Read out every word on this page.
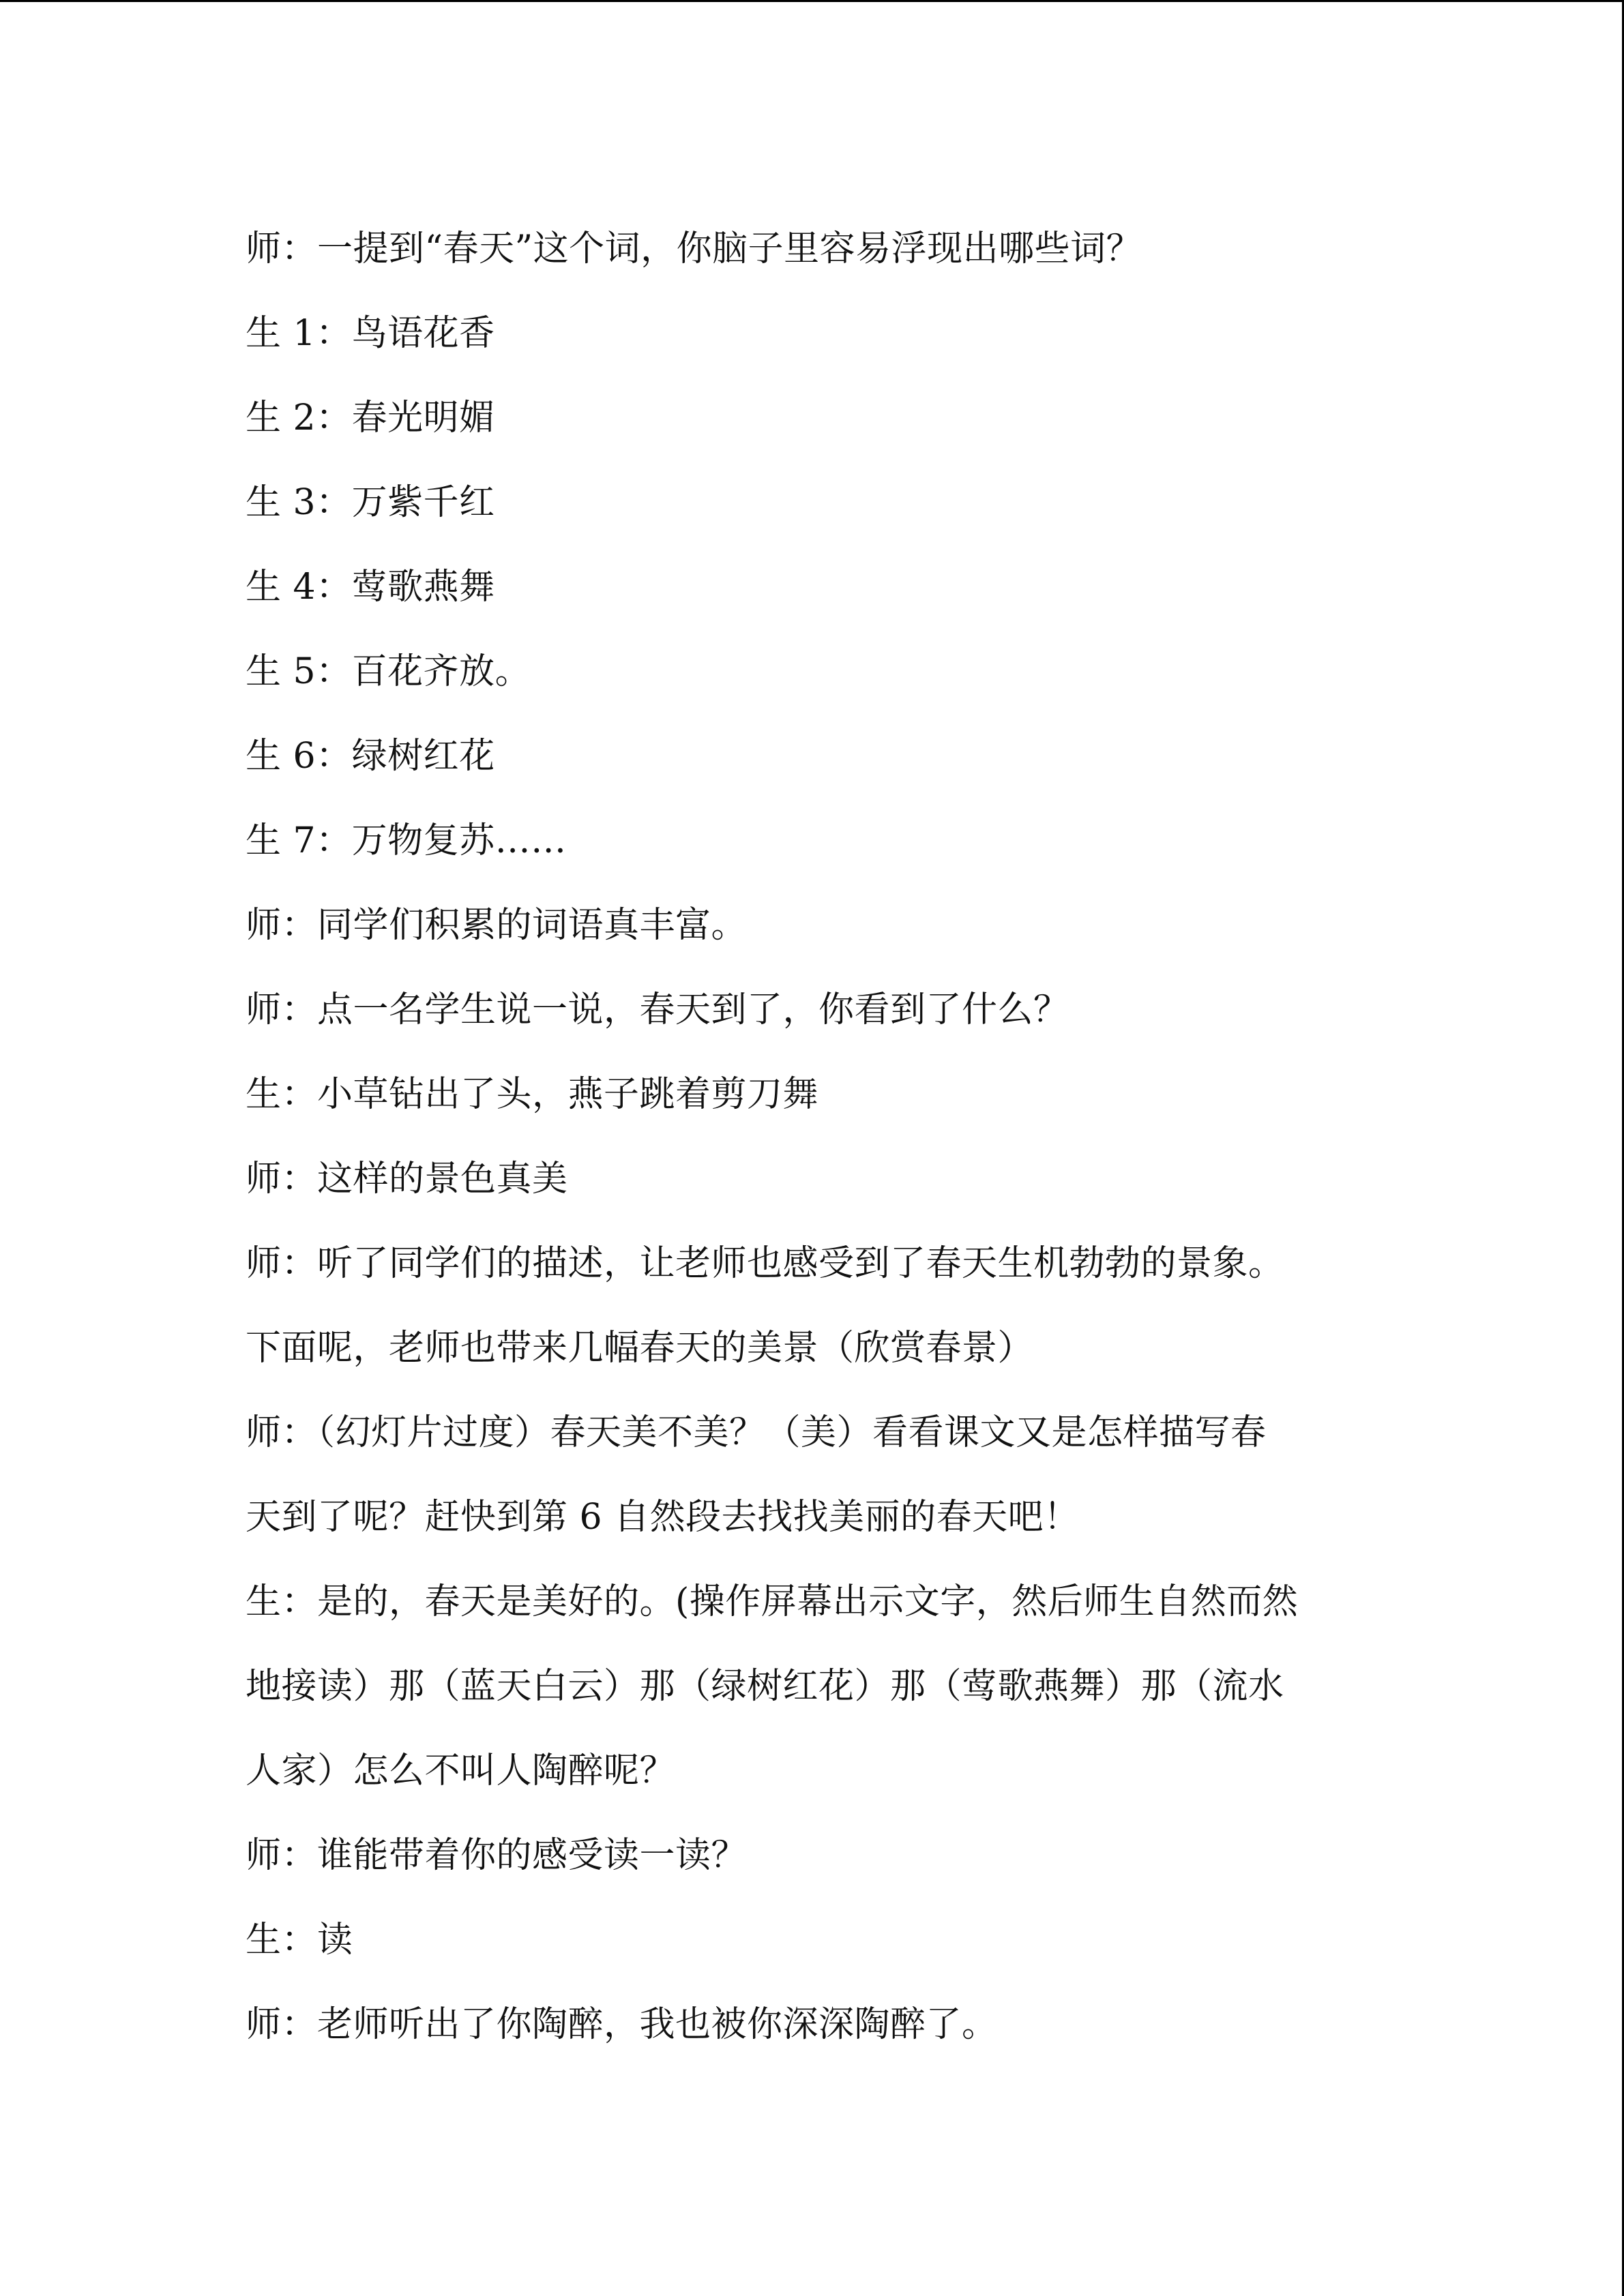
师：一提到“春天”这个词，你脑子里容易浮现出哪些词？
生 1：鸟语花香
生 2：春光明媚
生 3：万紫千红
生 4：莺歌燕舞
生 5：百花齐放。
生 6：绿树红花
生 7：万物复苏……
师：同学们积累的词语真丰富。
师：点一名学生说一说，春天到了，你看到了什么？
生：小草钻出了头，燕子跳着剪刀舞
师：这样的景色真美
师：听了同学们的描述，让老师也感受到了春天生机勃勃的景象。
下面呢，老师也带来几幅春天的美景（欣赏春景）
师：（幻灯片过度）春天美不美？（美）看看课文又是怎样描写春
天到了呢？赶快到第 6 自然段去找找美丽的春天吧！
生：是的，春天是美好的。(操作屏幕出示文字，然后师生自然而然
地接读）那（蓝天白云）那（绿树红花）那（莺歌燕舞）那（流水
人家）怎么不叫人陶醉呢？
师：谁能带着你的感受读一读？
生：读
师：老师听出了你陶醉，我也被你深深陶醉了。
